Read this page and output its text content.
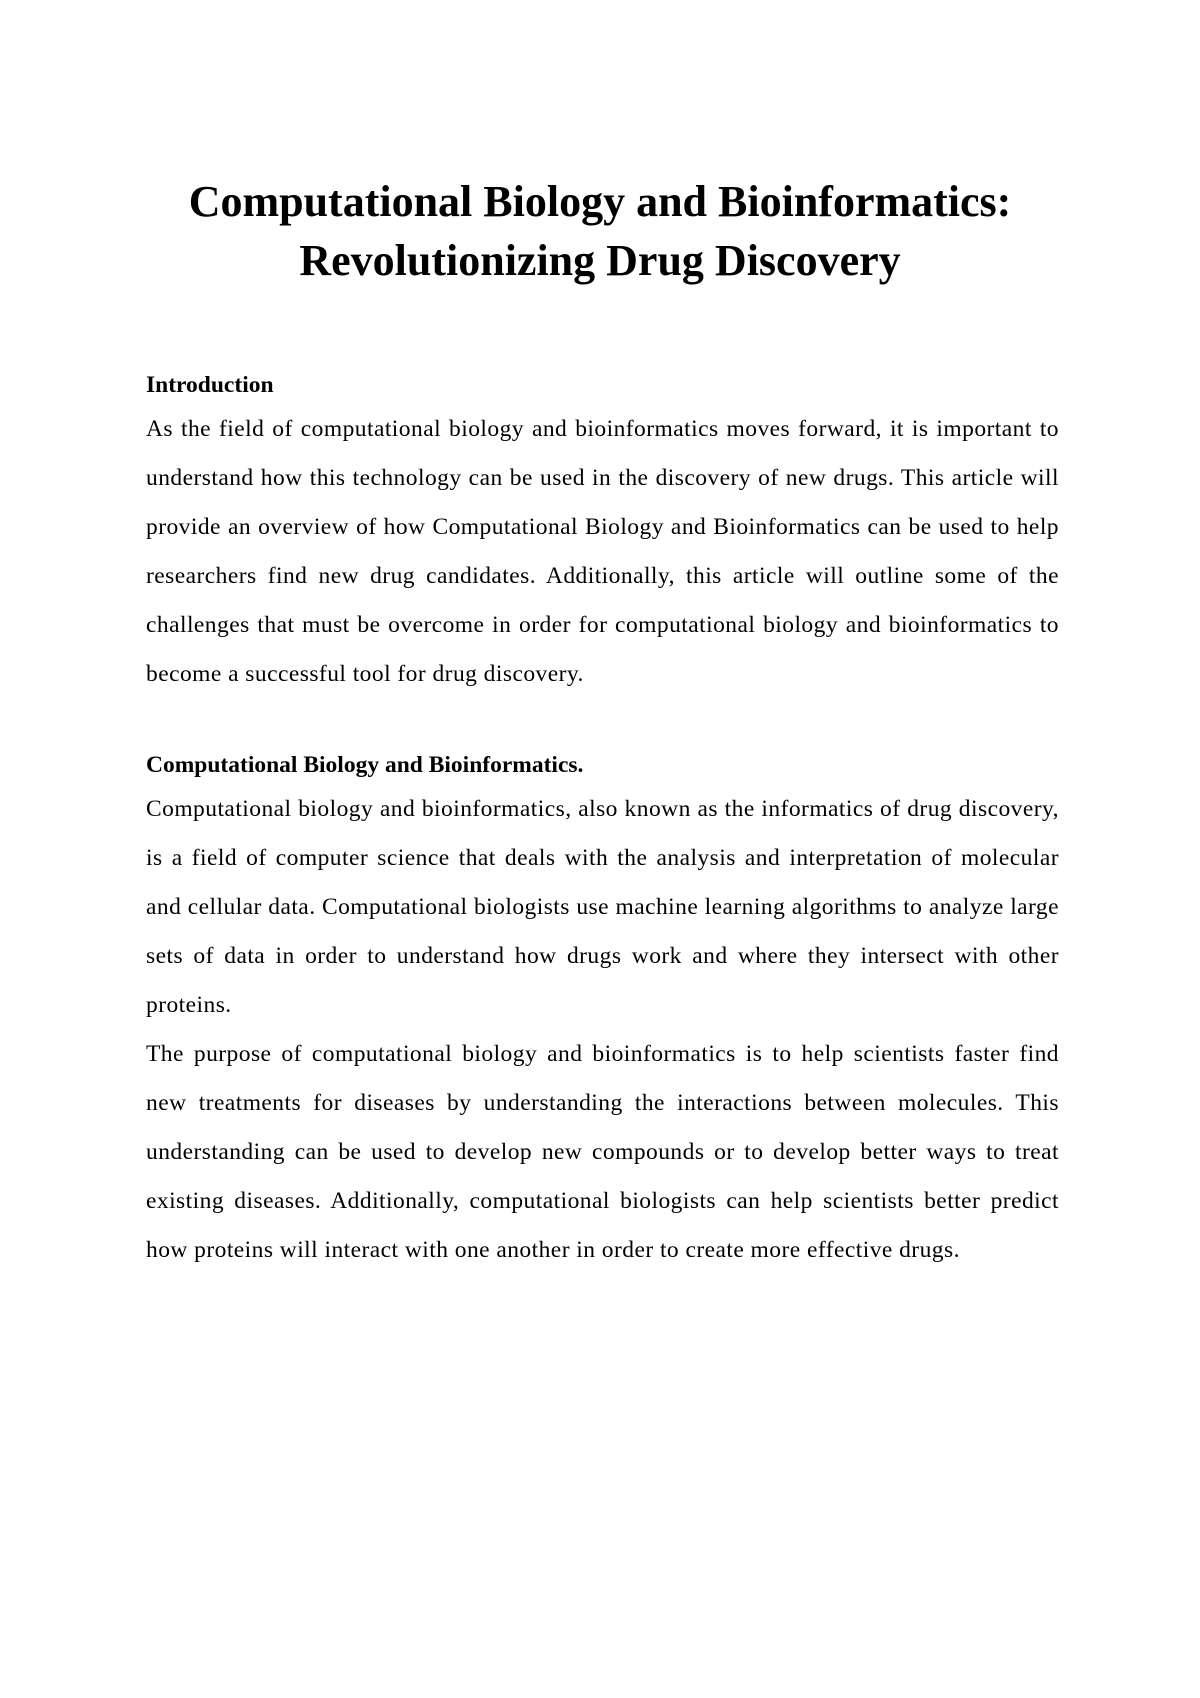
Computational Biology and Bioinformatics:
Revolutionizing Drug Discovery
Introduction

As the field of computational biology and bioinformatics moves forward, it is important to understand how this technology can be used in the discovery of new drugs. This article will provide an overview of how Computational Biology and Bioinformatics can be used to help researchers find new drug candidates. Additionally, this article will outline some of the challenges that must be overcome in order for computational biology and bioinformatics to become a successful tool for drug discovery.

Computational Biology and Bioinformatics.

Computational biology and bioinformatics, also known as the informatics of drug discovery, is a field of computer science that deals with the analysis and interpretation of molecular and cellular data. Computational biologists use machine learning algorithms to analyze large sets of data in order to understand how drugs work and where they intersect with other proteins.

The purpose of computational biology and bioinformatics is to help scientists faster find new treatments for diseases by understanding the interactions between molecules. This understanding can be used to develop new compounds or to develop better ways to treat existing diseases. Additionally, computational biologists can help scientists better predict how proteins will interact with one another in order to create more effective drugs.
